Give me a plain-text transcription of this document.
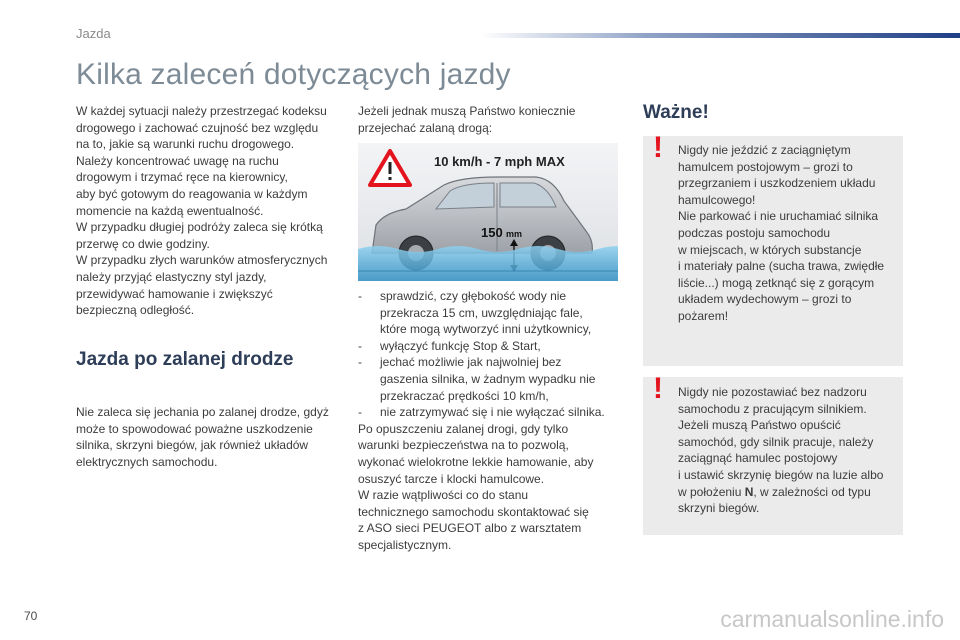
Jazda
Kilka zaleceń dotyczących jazdy

W każdej sytuacji należy przestrzegać kodeksu
drogowego i zachować czujność bez względu
na to, jakie są warunki ruchu drogowego.
Należy koncentrować uwagę na ruchu
drogowym i trzymać ręce na kierownicy,
aby być gotowym do reagowania w każdym
momencie na każdą ewentualność.
W przypadku długiej podróży zaleca się krótką
przerwę co dwie godziny.
W przypadku złych warunków atmosferycznych
należy przyjąć elastyczny styl jazdy,
przewidywać hamowanie i zwiększyć
bezpieczną odległość.

Jazda po zalanej drodze

Nie zaleca się jechania po zalanej drodze, gdyż
może to spowodować poważne uszkodzenie
silnika, skrzyni biegów, jak również układów
elektrycznych samochodu.

Jeżeli jednak muszą Państwo koniecznie
przejechać zalaną drogą:

10 km/h - 7 mph MAX
150 mm
- sprawdzić, czy głębokość wody nie
przekracza 15 cm, uwzględniając fale,
które mogą wytworzyć inni użytkownicy,
- wyłączyć funkcję Stop & Start,
- jechać możliwie jak najwolniej bez
gaszenia silnika, w żadnym wypadku nie
przekraczać prędkości 10 km/h,
- nie zatrzymywać się i nie wyłączać silnika.

Po opuszczeniu zalanej drogi, gdy tylko
warunki bezpieczeństwa na to pozwolą,
wykonać wielokrotne lekkie hamowanie, aby
osuszyć tarcze i klocki hamulcowe.
W razie wątpliwości co do stanu
technicznego samochodu skontaktować się
z ASO sieci PEUGEOT albo z warsztatem
specjalistycznym.

Ważne!
! Nigdy nie jeździć z zaciągniętym
hamulcem postojowym – grozi to
przegrzaniem i uszkodzeniem układu
hamulcowego!
Nie parkować i nie uruchamiać silnika
podczas postoju samochodu
w miejscach, w których substancje
i materiały palne (sucha trawa, zwiędłe
liście...) mogą zetknąć się z gorącym
układem wydechowym – grozi to
pożarem!
! Nigdy nie pozostawiać bez nadzoru
samochodu z pracującym silnikiem.
Jeżeli muszą Państwo opuścić
samochód, gdy silnik pracuje, należy
zaciągnąć hamulec postojowy
i ustawić skrzynię biegów na luzie albo
w położeniu N, w zależności od typu
skrzyni biegów.
70	carmanualsonline.info
